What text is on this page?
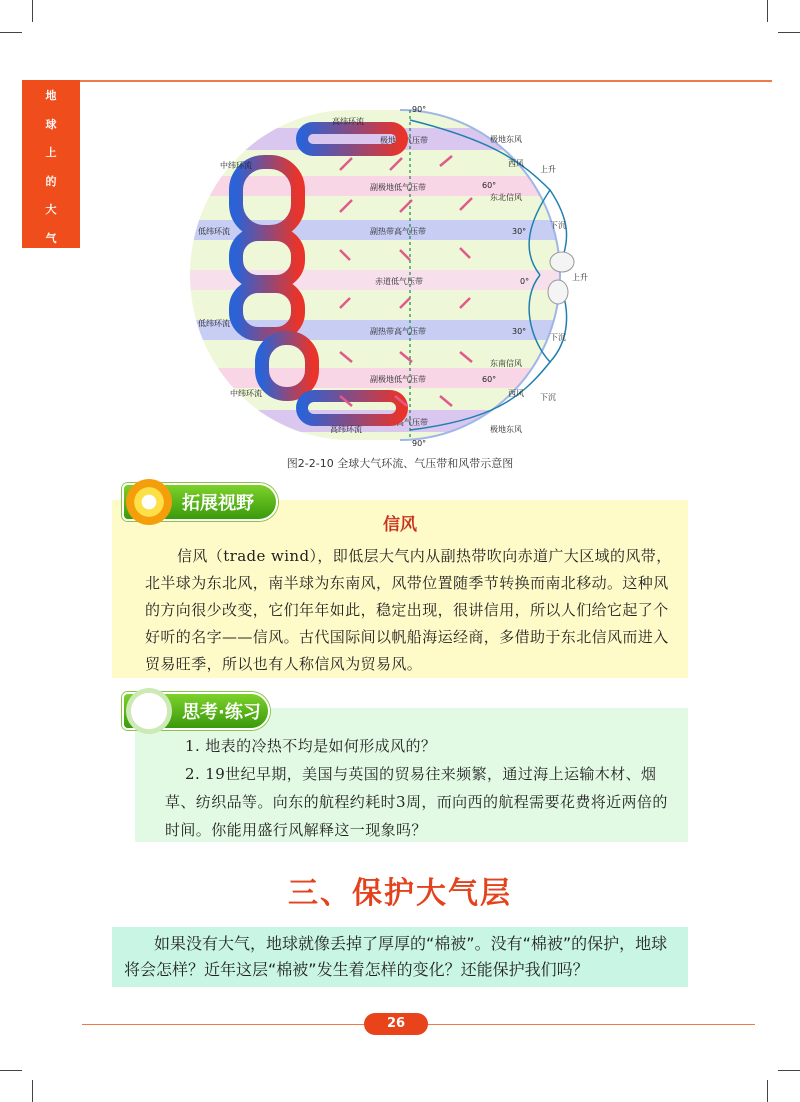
地
球
上
的
大
气
极地高气压带
副极地低气压带
副热带高气压带
赤道低气压带
副热带高气压带
副极地低气压带
极地高气压带
高纬环流
中纬环流
低纬环流
低纬环流
中纬环流
高纬环流
极地东风
西风
东北信风
东南信风
西风
极地东风
下沉
上升
下沉
上升
下沉
90°
60°
30°
0°
30°
60°
90°
图2-2-10 全球大气环流、气压带和风带示意图
拓展视野
信风
信风（trade wind），即低层大气内从副热带吹向赤道广大区域的风带，北半球为东北风，南半球为东南风，风带位置随季节转换而南北移动。这种风的方向很少改变，它们年年如此，稳定出现，很讲信用，所以人们给它起了个好听的名字——信风。古代国际间以帆船海运经商，多借助于东北信风而进入贸易旺季，所以也有人称信风为贸易风。
思考·练习
1. 地表的冷热不均是如何形成风的？
2. 19世纪早期，美国与英国的贸易往来频繁，通过海上运输木材、烟草、纺织品等。向东的航程约耗时3周，而向西的航程需要花费将近两倍的时间。你能用盛行风解释这一现象吗？
三、保护大气层
如果没有大气，地球就像丢掉了厚厚的“棉被”。没有“棉被”的保护，地球将会怎样？近年这层“棉被”发生着怎样的变化？还能保护我们吗？
26
